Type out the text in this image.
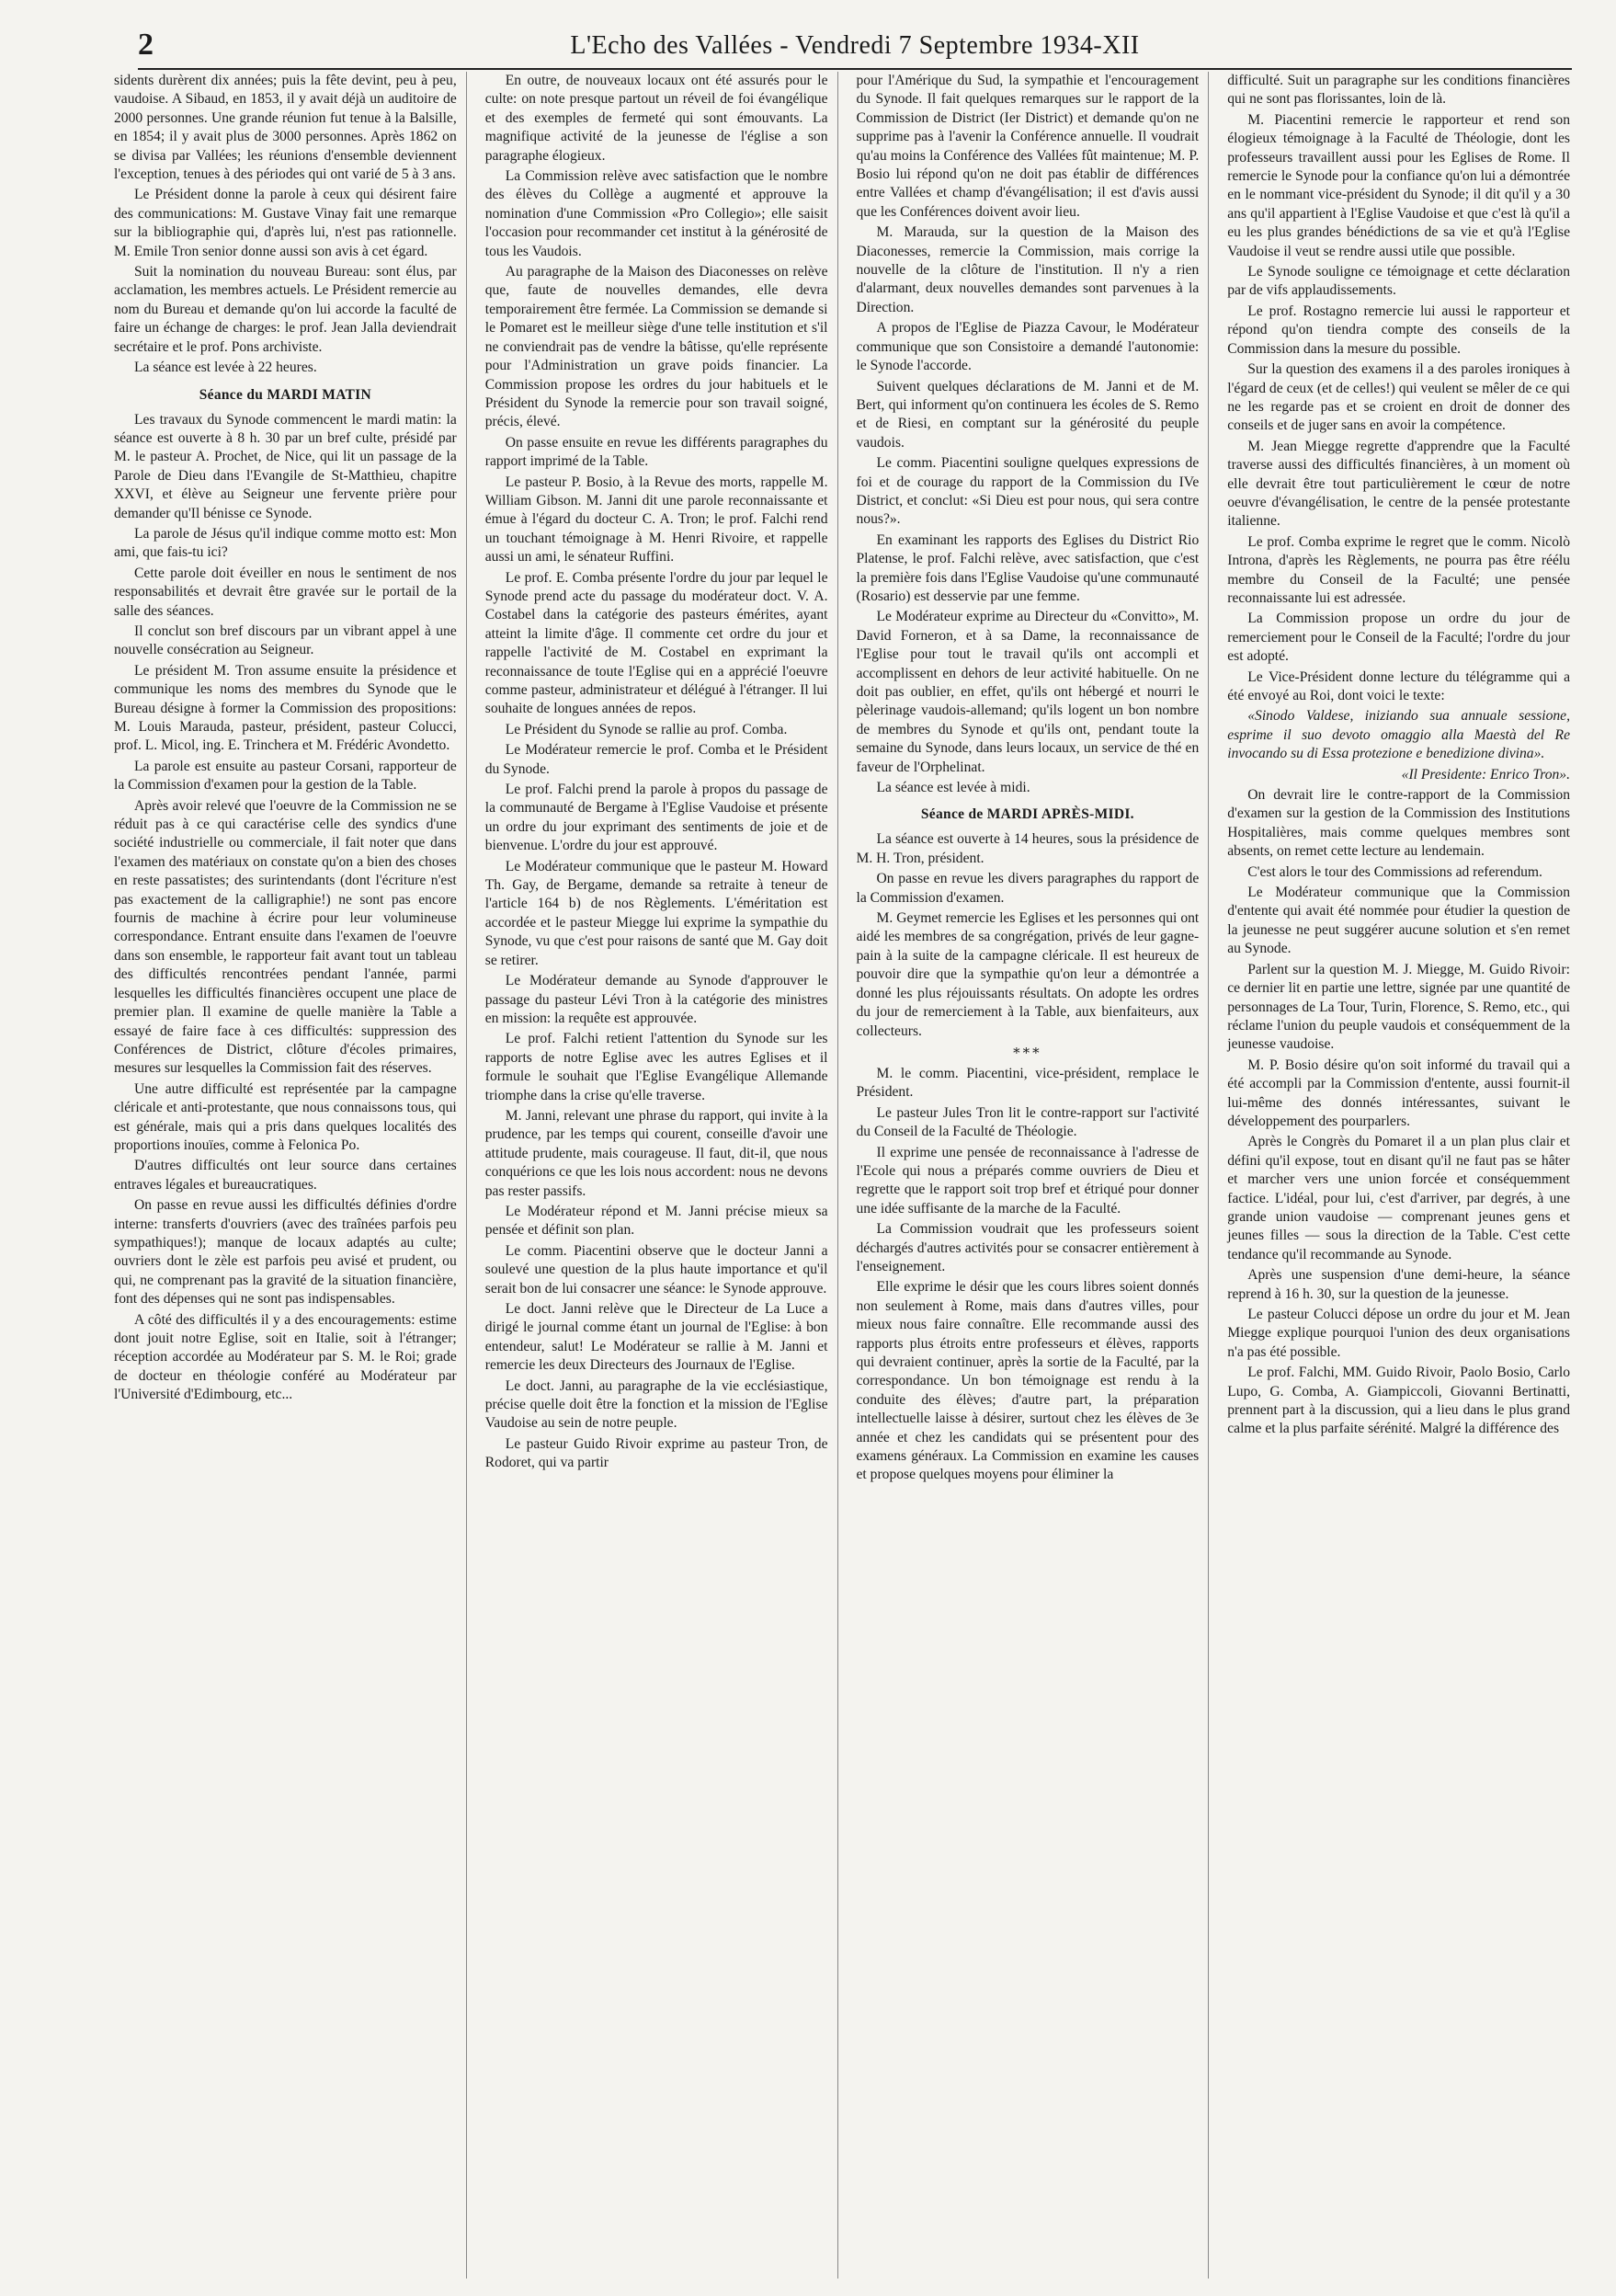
2	L'Echo des Vallées - Vendredi 7 Septembre 1934-XII

sidents durèrent dix années; puis la fête devint, peu à peu, vaudoise. A Sibaud, en 1853, il y avait déjà un auditoire de 2000 personnes. Une grande réunion fut tenue à la Balsille, en 1854; il y avait plus de 3000 personnes. Après 1862 on se divisa par Vallées; les réunions d'ensemble deviennent l'exception, tenues à des périodes qui ont varié de 5 à 3 ans.

Le Président donne la parole à ceux qui désirent faire des communications: M. Gustave Vinay fait une remarque sur la bibliographie qui, d'après lui, n'est pas rationnelle. M. Emile Tron senior donne aussi son avis à cet égard.

Suit la nomination du nouveau Bureau: sont élus, par acclamation, les membres actuels. Le Président remercie au nom du Bureau et demande qu'on lui accorde la faculté de faire un échange de charges: le prof. Jean Jalla deviendrait secrétaire et le prof. Pons archiviste.

La séance est levée à 22 heures.

Séance du MARDI MATIN

Les travaux du Synode commencent le mardi matin: la séance est ouverte à 8 h. 30 par un bref culte, présidé par M. le pasteur A. Prochet, de Nice, qui lit un passage de la Parole de Dieu dans l'Evangile de St-Matthieu, chapitre XXVI, et élève au Seigneur une fervente prière pour demander qu'Il bénisse ce Synode.

La parole de Jésus qu'il indique comme motto est: Mon ami, que fais-tu ici?

Cette parole doit éveiller en nous le sentiment de nos responsabilités et devrait être gravée sur le portail de la salle des séances.

Il conclut son bref discours par un vibrant appel à une nouvelle consécration au Seigneur.

Le président M. Tron assume ensuite la présidence et communique les noms des membres du Synode que le Bureau désigne à former la Commission des propositions: M. Louis Marauda, pasteur, président, pasteur Colucci, prof. L. Micol, ing. E. Trinchera et M. Frédéric Avondetto.

La parole est ensuite au pasteur Corsani, rapporteur de la Commission d'examen pour la gestion de la Table.

Après avoir relevé que l'oeuvre de la Commission ne se réduit pas à ce qui caractérise celle des syndics d'une société industrielle ou commerciale, il fait noter que dans l'examen des matériaux on constate qu'on a bien des choses en reste passatistes; des surintendants (dont l'écriture n'est pas exactement de la calligraphie!) ne sont pas encore fournis de machine à écrire pour leur volumineuse correspondance. Entrant ensuite dans l'examen de l'oeuvre dans son ensemble, le rapporteur fait avant tout un tableau des difficultés rencontrées pendant l'année, parmi lesquelles les difficultés financières occupent une place de premier plan. Il examine de quelle manière la Table a essayé de faire face à ces difficultés: suppression des Conférences de District, clôture d'écoles primaires, mesures sur lesquelles la Commission fait des réserves.

Une autre difficulté est représentée par la campagne cléricale et anti-protestante, que nous connaissons tous, qui est générale, mais qui a pris dans quelques localités des proportions inouïes, comme à Felonica Po.

D'autres difficultés ont leur source dans certaines entraves légales et bureaucratiques.

On passe en revue aussi les difficultés définies d'ordre interne: transferts d'ouvriers (avec des traînées parfois peu sympathiques!); manque de locaux adaptés au culte; ouvriers dont le zèle est parfois peu avisé et prudent, ou qui, ne comprenant pas la gravité de la situation financière, font des dépenses qui ne sont pas indispensables.

A côté des difficultés il y a des encouragements: estime dont jouit notre Eglise, soit en Italie, soit à l'étranger; réception accordée au Modérateur par S. M. le Roi; grade de docteur en théologie conféré au Modérateur par l'Université d'Edimbourg, etc...

En outre, de nouveaux locaux ont été assurés pour le culte: on note presque partout un réveil de foi évangélique et des exemples de fermeté qui sont émouvants. La magnifique activité de la jeunesse de l'église a son paragraphe élogieux.

La Commission relève avec satisfaction que le nombre des élèves du Collège a augmenté et approuve la nomination d'une Commission «Pro Collegio»; elle saisit l'occasion pour recommander cet institut à la générosité de tous les Vaudois.

Au paragraphe de la Maison des Diaconesses on relève que, faute de nouvelles demandes, elle devra temporairement être fermée. La Commission se demande si le Pomaret est le meilleur siège d'une telle institution et s'il ne conviendrait pas de vendre la bâtisse, qu'elle représente pour l'Administration un grave poids financier. La Commission propose les ordres du jour habituels et le Président du Synode la remercie pour son travail soigné, précis, élevé.

On passe ensuite en revue les différents paragraphes du rapport imprimé de la Table.

Le pasteur P. Bosio, à la Revue des morts, rappelle M. William Gibson. M. Janni dit une parole reconnaissante et émue à l'égard du docteur C. A. Tron; le prof. Falchi rend un touchant témoignage à M. Henri Rivoire, et rappelle aussi un ami, le sénateur Ruffini.

Le prof. E. Comba présente l'ordre du jour par lequel le Synode prend acte du passage du modérateur doct. V. A. Costabel dans la catégorie des pasteurs émérites, ayant atteint la limite d'âge. Il commente cet ordre du jour et rappelle l'activité de M. Costabel en exprimant la reconnaissance de toute l'Eglise qui en a apprécié l'oeuvre comme pasteur, administrateur et délégué à l'étranger. Il lui souhaite de longues années de repos.

Le Président du Synode se rallie au prof. Comba.

Le Modérateur remercie le prof. Comba et le Président du Synode.

Le prof. Falchi prend la parole à propos du passage de la communauté de Bergame à l'Eglise Vaudoise et présente un ordre du jour exprimant des sentiments de joie et de bienvenue. L'ordre du jour est approuvé.

Le Modérateur communique que le pasteur M. Howard Th. Gay, de Bergame, demande sa retraite à teneur de l'article 164 b) de nos Règlements. L'éméritation est accordée et le pasteur Miegge lui exprime la sympathie du Synode, vu que c'est pour raisons de santé que M. Gay doit se retirer.

Le Modérateur demande au Synode d'approuver le passage du pasteur Lévi Tron à la catégorie des ministres en mission: la requête est approuvée.

Le prof. Falchi retient l'attention du Synode sur les rapports de notre Eglise avec les autres Eglises et il formule le souhait que l'Eglise Evangélique Allemande triomphe dans la crise qu'elle traverse.

M. Janni, relevant une phrase du rapport, qui invite à la prudence, par les temps qui courent, conseille d'avoir une attitude prudente, mais courageuse. Il faut, dit-il, que nous conquérions ce que les lois nous accordent: nous ne devons pas rester passifs.

Le Modérateur répond et M. Janni précise mieux sa pensée et définit son plan.

Le comm. Piacentini observe que le docteur Janni a soulevé une question de la plus haute importance et qu'il serait bon de lui consacrer une séance: le Synode approuve.

Le doct. Janni relève que le Directeur de La Luce a dirigé le journal comme étant un journal de l'Eglise: à bon entendeur, salut! Le Modérateur se rallie à M. Janni et remercie les deux Directeurs des Journaux de l'Eglise.

Le doct. Janni, au paragraphe de la vie ecclésiastique, précise quelle doit être la fonction et la mission de l'Eglise Vaudoise au sein de notre peuple.

Le pasteur Guido Rivoir exprime au pasteur Tron, de Rodoret, qui va partir

pour l'Amérique du Sud, la sympathie et l'encouragement du Synode. Il fait quelques remarques sur le rapport de la Commission de District (Ier District) et demande qu'on ne supprime pas à l'avenir la Conférence annuelle. Il voudrait qu'au moins la Conférence des Vallées fût maintenue; M. P. Bosio lui répond qu'on ne doit pas établir de différences entre Vallées et champ d'évangélisation; il est d'avis aussi que les Conférences doivent avoir lieu.

M. Marauda, sur la question de la Maison des Diaconesses, remercie la Commission, mais corrige la nouvelle de la clôture de l'institution. Il n'y a rien d'alarmant, deux nouvelles demandes sont parvenues à la Direction.

A propos de l'Eglise de Piazza Cavour, le Modérateur communique que son Consistoire a demandé l'autonomie: le Synode l'accorde.

Suivent quelques déclarations de M. Janni et de M. Bert, qui informent qu'on continuera les écoles de S. Remo et de Riesi, en comptant sur la générosité du peuple vaudois.

Le comm. Piacentini souligne quelques expressions de foi et de courage du rapport de la Commission du IVe District, et conclut: «Si Dieu est pour nous, qui sera contre nous?».

En examinant les rapports des Eglises du District Rio Platense, le prof. Falchi relève, avec satisfaction, que c'est la première fois dans l'Eglise Vaudoise qu'une communauté (Rosario) est desservie par une femme.

Le Modérateur exprime au Directeur du «Convitto», M. David Forneron, et à sa Dame, la reconnaissance de l'Eglise pour tout le travail qu'ils ont accompli et accomplissent en dehors de leur activité habituelle. On ne doit pas oublier, en effet, qu'ils ont hébergé et nourri le pèlerinage vaudois-allemand; qu'ils logent un bon nombre de membres du Synode et qu'ils ont, pendant toute la semaine du Synode, dans leurs locaux, un service de thé en faveur de l'Orphelinat.

La séance est levée à midi.

Séance de MARDI APRÈS-MIDI.

La séance est ouverte à 14 heures, sous la présidence de M. H. Tron, président.

On passe en revue les divers paragraphes du rapport de la Commission d'examen.

M. Geymet remercie les Eglises et les personnes qui ont aidé les membres de sa congrégation, privés de leur gagne-pain à la suite de la campagne cléricale. Il est heureux de pouvoir dire que la sympathie qu'on leur a démontrée a donné les plus réjouissants résultats. On adopte les ordres du jour de remerciement à la Table, aux bienfaiteurs, aux collecteurs.

***

M. le comm. Piacentini, vice-président, remplace le Président.

Le pasteur Jules Tron lit le contre-rapport sur l'activité du Conseil de la Faculté de Théologie.

Il exprime une pensée de reconnaissance à l'adresse de l'Ecole qui nous a préparés comme ouvriers de Dieu et regrette que le rapport soit trop bref et étriqué pour donner une idée suffisante de la marche de la Faculté.

La Commission voudrait que les professeurs soient déchargés d'autres activités pour se consacrer entièrement à l'enseignement.

Elle exprime le désir que les cours libres soient donnés non seulement à Rome, mais dans d'autres villes, pour mieux nous faire connaître. Elle recommande aussi des rapports plus étroits entre professeurs et élèves, rapports qui devraient continuer, après la sortie de la Faculté, par la correspondance. Un bon témoignage est rendu à la conduite des élèves; d'autre part, la préparation intellectuelle laisse à désirer, surtout chez les élèves de 3e année et chez les candidats qui se présentent pour des examens généraux. La Commission en examine les causes et propose quelques moyens pour éliminer la

difficulté. Suit un paragraphe sur les conditions financières qui ne sont pas florissantes, loin de là.

M. Piacentini remercie le rapporteur et rend son élogieux témoignage à la Faculté de Théologie, dont les professeurs travaillent aussi pour les Eglises de Rome. Il remercie le Synode pour la confiance qu'on lui a démontrée en le nommant vice-président du Synode; il dit qu'il y a 30 ans qu'il appartient à l'Eglise Vaudoise et que c'est là qu'il a eu les plus grandes bénédictions de sa vie et qu'à l'Eglise Vaudoise il veut se rendre aussi utile que possible.

Le Synode souligne ce témoignage et cette déclaration par de vifs applaudissements.

Le prof. Rostagno remercie lui aussi le rapporteur et répond qu'on tiendra compte des conseils de la Commission dans la mesure du possible.

Sur la question des examens il a des paroles ironiques à l'égard de ceux (et de celles!) qui veulent se mêler de ce qui ne les regarde pas et se croient en droit de donner des conseils et de juger sans en avoir la compétence.

M. Jean Miegge regrette d'apprendre que la Faculté traverse aussi des difficultés financières, à un moment où elle devrait être tout particulièrement le cœur de notre oeuvre d'évangélisation, le centre de la pensée protestante italienne.

Le prof. Comba exprime le regret que le comm. Nicolò Introna, d'après les Règlements, ne pourra pas être réélu membre du Conseil de la Faculté; une pensée reconnaissante lui est adressée.

La Commission propose un ordre du jour de remerciement pour le Conseil de la Faculté; l'ordre du jour est adopté.

Le Vice-Président donne lecture du télégramme qui a été envoyé au Roi, dont voici le texte:

«Sinodo Valdese, iniziando sua annuale sessione, esprime il suo devoto omaggio alla Maestà del Re invocando su di Essa protezione e benedizione divina».

«Il Presidente: Enrico Tron».

On devrait lire le contre-rapport de la Commission d'examen sur la gestion de la Commission des Institutions Hospitalières, mais comme quelques membres sont absents, on remet cette lecture au lendemain.

C'est alors le tour des Commissions ad referendum.

Le Modérateur communique que la Commission d'entente qui avait été nommée pour étudier la question de la jeunesse ne peut suggérer aucune solution et s'en remet au Synode.

Parlent sur la question M. J. Miegge, M. Guido Rivoir: ce dernier lit en partie une lettre, signée par une quantité de personnages de La Tour, Turin, Florence, S. Remo, etc., qui réclame l'union du peuple vaudois et conséquemment de la jeunesse vaudoise.

M. P. Bosio désire qu'on soit informé du travail qui a été accompli par la Commission d'entente, aussi fournit-il lui-même des donnés intéressantes, suivant le développement des pourparlers.

Après le Congrès du Pomaret il a un plan plus clair et défini qu'il expose, tout en disant qu'il ne faut pas se hâter et marcher vers une union forcée et conséquemment factice. L'idéal, pour lui, c'est d'arriver, par degrés, à une grande union vaudoise — comprenant jeunes gens et jeunes filles — sous la direction de la Table. C'est cette tendance qu'il recommande au Synode.

Après une suspension d'une demi-heure, la séance reprend à 16 h. 30, sur la question de la jeunesse.

Le pasteur Colucci dépose un ordre du jour et M. Jean Miegge explique pourquoi l'union des deux organisations n'a pas été possible.

Le prof. Falchi, MM. Guido Rivoir, Paolo Bosio, Carlo Lupo, G. Comba, A. Giampiccoli, Giovanni Bertinatti, prennent part à la discussion, qui a lieu dans le plus grand calme et la plus parfaite sérénité. Malgré la différence des
